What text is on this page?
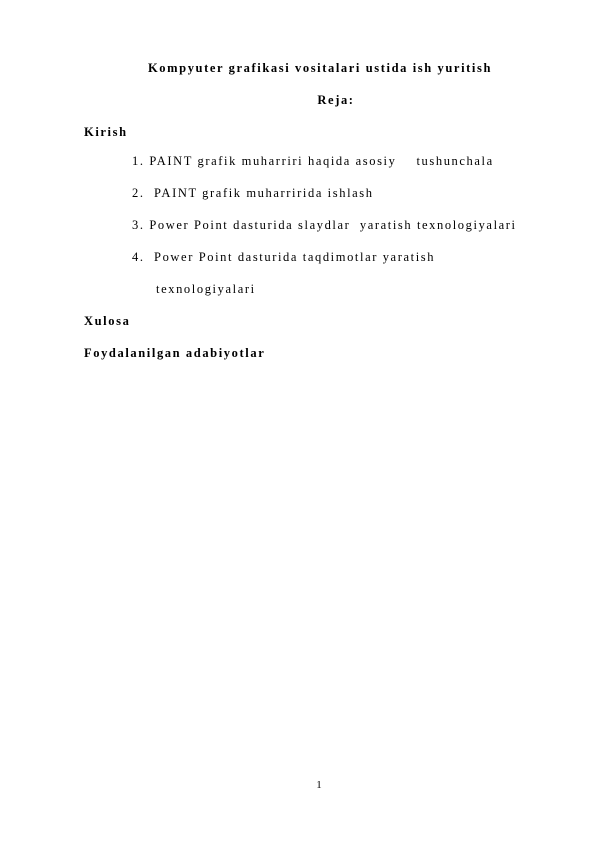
Kompyuter grafikasi vositalari ustida ish yuritish
Reja:
Kirish
1. PAINT grafik muharriri haqida asosiy tushunchala
2. PAINT grafik muharririda ishlash
3. Power Point dasturida slaydlar  yaratish texnologiyalari
4. Power Point dasturida taqdimotlar yaratish
texnologiyalari
Xulosa
Foydalanilgan adabiyotlar
1
